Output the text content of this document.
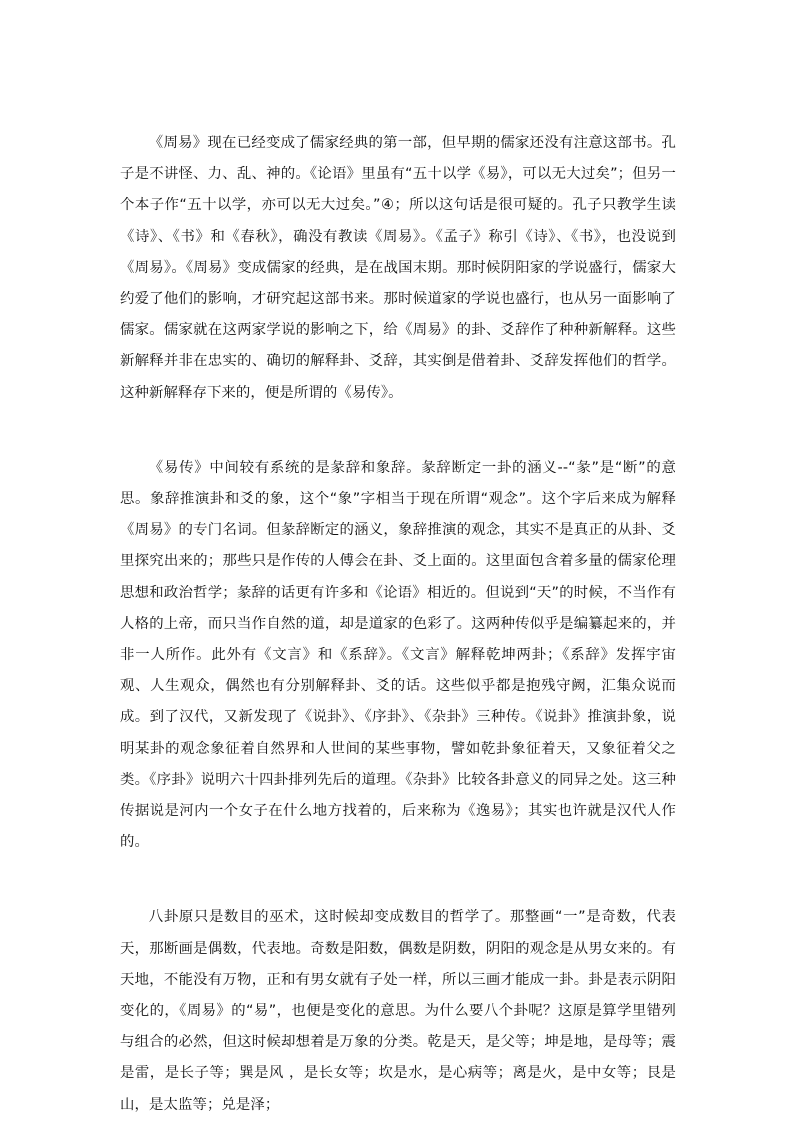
《周易》现在已经变成了儒家经典的第一部，但早期的儒家还没有注意这部书。孔子是不讲怪、力、乱、神的。《论语》里虽有“五十以学《易》，可以无大过矣”；但另一个本子作“五十以学，亦可以无大过矣。”④；所以这句话是很可疑的。孔子只教学生读《诗》、《书》和《春秋》，确没有教读《周易》。《孟子》称引《诗》、《书》，也没说到《周易》。《周易》变成儒家的经典，是在战国末期。那时候阴阳家的学说盛行，儒家大约爱了他们的影响，才研究起这部书来。那时候道家的学说也盛行，也从另一面影响了儒家。儒家就在这两家学说的影响之下，给《周易》的卦、爻辞作了种种新解释。这些新解释并非在忠实的、确切的解释卦、爻辞，其实倒是借着卦、爻辞发挥他们的哲学。这种新解释存下来的，便是所谓的《易传》。

《易传》中间较有系统的是彖辞和象辞。彖辞断定一卦的涵义--“彖”是“断”的意思。象辞推演卦和爻的象，这个“象”字相当于现在所谓“观念”。这个字后来成为解释《周易》的专门名词。但彖辞断定的涵义，象辞推演的观念，其实不是真正的从卦、爻里探究出来的；那些只是作传的人傅会在卦、爻上面的。这里面包含着多量的儒家伦理思想和政治哲学；彖辞的话更有许多和《论语》相近的。但说到“天”的时候，不当作有人格的上帝，而只当作自然的道，却是道家的色彩了。这两种传似乎是编纂起来的，并非一人所作。此外有《文言》和《系辞》。《文言》解释乾坤两卦；《系辞》发挥宇宙观、人生观众，偶然也有分别解释卦、爻的话。这些似乎都是抱残守阙，汇集众说而成。到了汉代，又新发现了《说卦》、《序卦》、《杂卦》三种传。《说卦》推演卦象，说明某卦的观念象征着自然界和人世间的某些事物，譬如乾卦象征着天，又象征着父之类。《序卦》说明六十四卦排列先后的道理。《杂卦》比较各卦意义的同异之处。这三种传据说是河内一个女子在什么地方找着的，后来称为《逸易》；其实也许就是汉代人作的。

八卦原只是数目的巫术，这时候却变成数目的哲学了。那整画“一”是奇数，代表天，那断画是偶数，代表地。奇数是阳数，偶数是阴数，阴阳的观念是从男女来的。有天地，不能没有万物，正和有男女就有子处一样，所以三画才能成一卦。卦是表示阴阳变化的，《周易》的“易”，也便是变化的意思。为什么要八个卦呢？这原是算学里错列与组合的必然，但这时候却想着是万象的分类。乾是天，是父等；坤是地，是母等；震是雷，是长子等；巽是风 ，是长女等；坎是水，是心病等；离是火，是中女等；艮是山，是太监等；兑是泽；
